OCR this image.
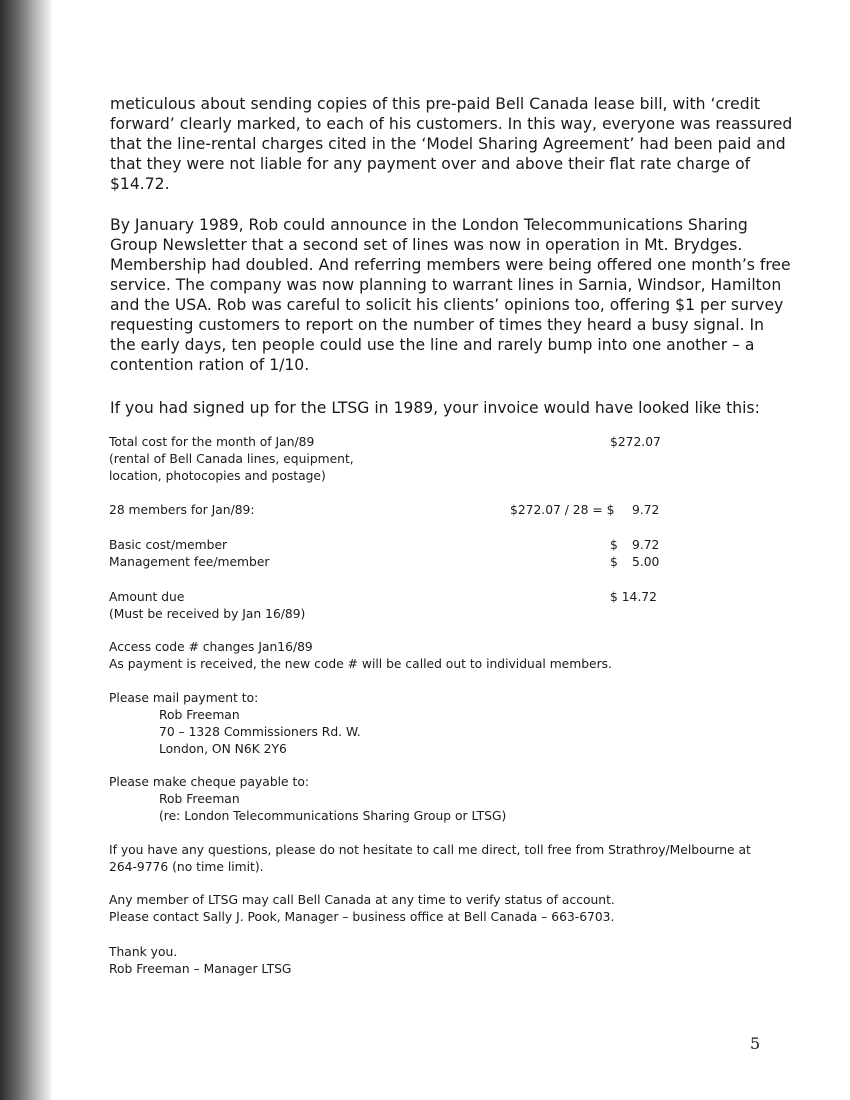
meticulous about sending copies of this pre-paid Bell Canada lease bill, with ‘credit
forward’ clearly marked, to each of his customers. In this way, everyone was reassured
that the line-rental charges cited in the ‘Model Sharing Agreement’ had been paid and
that they were not liable for any payment over and above their flat rate charge of
$14.72.
By January 1989, Rob could announce in the London Telecommunications Sharing
Group Newsletter that a second set of lines was now in operation in Mt. Brydges.
Membership had doubled. And referring members were being offered one month’s free
service. The company was now planning to warrant lines in Sarnia, Windsor, Hamilton
and the USA. Rob was careful to solicit his clients’ opinions too, offering $1 per survey
requesting customers to report on the number of times they heard a busy signal. In
the early days, ten people could use the line and rarely bump into one another – a
contention ration of 1/10.
If you had signed up for the LTSG in 1989, your invoice would have looked like this:
Total cost for the month of Jan/89
(rental of Bell Canada lines, equipment,
location, photocopies and postage)
$272.07
28 members for Jan/89:	$272.07 / 28 = $ 9.72
Basic cost/member	$ 9.72
Management fee/member	$ 5.00
Amount due
(Must be received by Jan 16/89)
$ 14.72
Access code # changes Jan16/89
As payment is received, the new code # will be called out to individual members.
Please mail payment to:
Rob Freeman
70 – 1328 Commissioners Rd. W.
London, ON N6K 2Y6
Please make cheque payable to:
Rob Freeman
(re: London Telecommunications Sharing Group or LTSG)
If you have any questions, please do not hesitate to call me direct, toll free from Strathroy/Melbourne at
264-9776 (no time limit).
Any member of LTSG may call Bell Canada at any time to verify status of account.
Please contact Sally J. Pook, Manager – business office at Bell Canada – 663-6703.
Thank you.
Rob Freeman – Manager LTSG
5
